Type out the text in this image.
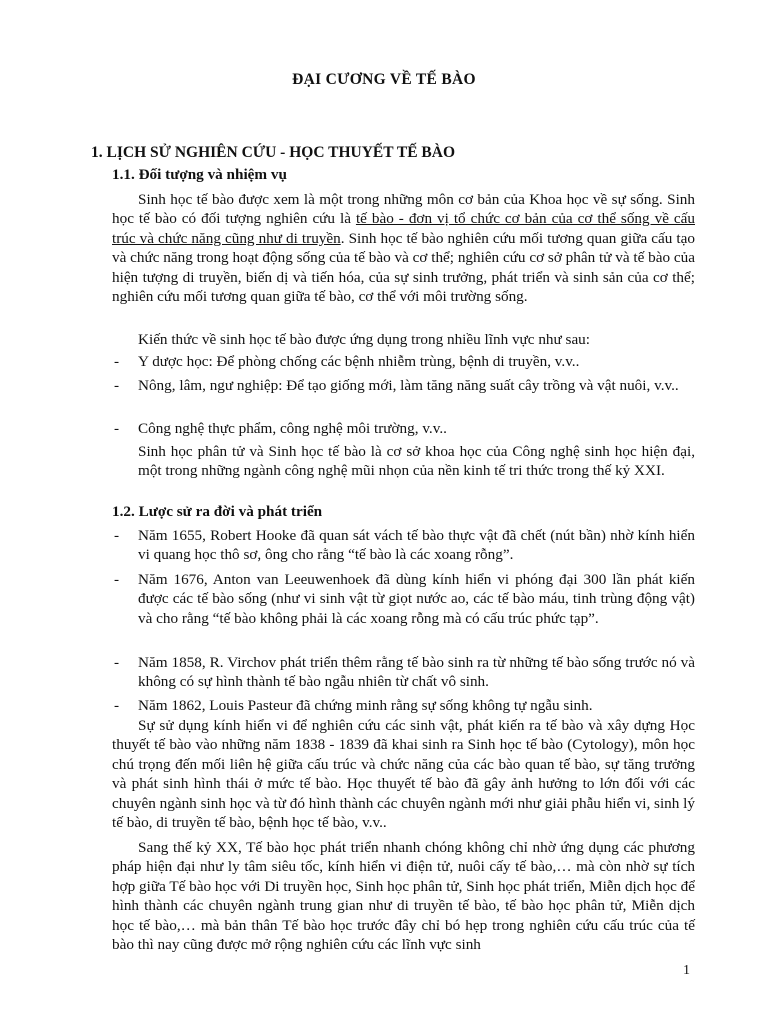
ĐẠI CƯƠNG VỀ TẾ BÀO
1. LỊCH SỬ NGHIÊN CỨU - HỌC THUYẾT TẾ BÀO
1.1. Đối tượng và nhiệm vụ

Sinh học tế bào được xem là một trong những môn cơ bản của Khoa học về sự sống. Sinh học tế bào có đối tượng nghiên cứu là tế bào - đơn vị tổ chức cơ bản của cơ thể sống về cấu trúc và chức năng cũng như di truyền. Sinh học tế bào nghiên cứu mối tương quan giữa cấu tạo và chức năng trong hoạt động sống của tế bào và cơ thể; nghiên cứu cơ sở phân tử và tế bào của hiện tượng di truyền, biến dị và tiến hóa, của sự sinh trưởng, phát triển và sinh sản của cơ thể; nghiên cứu mối tương quan giữa tế bào, cơ thể với môi trường sống.

Kiến thức về sinh học tế bào được ứng dụng trong nhiều lĩnh vực như sau:

- Y dược học: Để phòng chống các bệnh nhiễm trùng, bệnh di truyền, v.v..
- Nông, lâm, ngư nghiệp: Để tạo giống mới, làm tăng năng suất cây trồng và vật nuôi, v.v..
- Công nghệ thực phẩm, công nghệ môi trường, v.v..

Sinh học phân tử và Sinh học tế bào là cơ sở khoa học của Công nghệ sinh học hiện đại, một trong những ngành công nghệ mũi nhọn của nền kinh tế tri thức trong thế kỷ XXI.

1.2. Lược sử ra đời và phát triển
- Năm 1655, Robert Hooke đã quan sát vách tế bào thực vật đã chết (nút bần) nhờ kính hiển vi quang học thô sơ, ông cho rằng “tế bào là các xoang rỗng”.
- Năm 1676, Anton van Leeuwenhoek đã dùng kính hiển vi phóng đại 300 lần phát kiến được các tế bào sống (như vi sinh vật từ giọt nước ao, các tế bào máu, tinh trùng động vật) và cho rằng “tế bào không phải là các xoang rỗng mà có cấu trúc phức tạp”.
- Năm 1858, R. Virchov phát triển thêm rằng tế bào sinh ra từ những tế bào sống trước nó và không có sự hình thành tế bào ngẫu nhiên từ chất vô sinh.
- Năm 1862, Louis Pasteur đã chứng minh rằng sự sống không tự ngẫu sinh.

Sự sử dụng kính hiển vi để nghiên cứu các sinh vật, phát kiến ra tế bào và xây dựng Học thuyết tế bào vào những năm 1838 - 1839 đã khai sinh ra Sinh học tế bào (Cytology), môn học chú trọng đến mối liên hệ giữa cấu trúc và chức năng của các bào quan tế bào, sự tăng trưởng và phát sinh hình thái ở mức tế bào. Học thuyết tế bào đã gây ảnh hưởng to lớn đối với các chuyên ngành sinh học và từ đó hình thành các chuyên ngành mới như giải phẫu hiển vi, sinh lý tế bào, di truyền tế bào, bệnh học tế bào, v.v..

Sang thế kỷ XX, Tế bào học phát triển nhanh chóng không chỉ nhờ ứng dụng các phương pháp hiện đại như ly tâm siêu tốc, kính hiển vi điện tử, nuôi cấy tế bào,… mà còn nhờ sự tích hợp giữa Tế bào học với Di truyền học, Sinh học phân tử, Sinh học phát triển, Miễn dịch học để hình thành các chuyên ngành trung gian như di truyền tế bào, tế bào học phân tử, Miễn dịch học tế bào,… mà bản thân Tế bào học trước đây chỉ bó hẹp trong nghiên cứu cấu trúc của tế bào thì nay cũng được mở rộng nghiên cứu các lĩnh vực sinh

1
